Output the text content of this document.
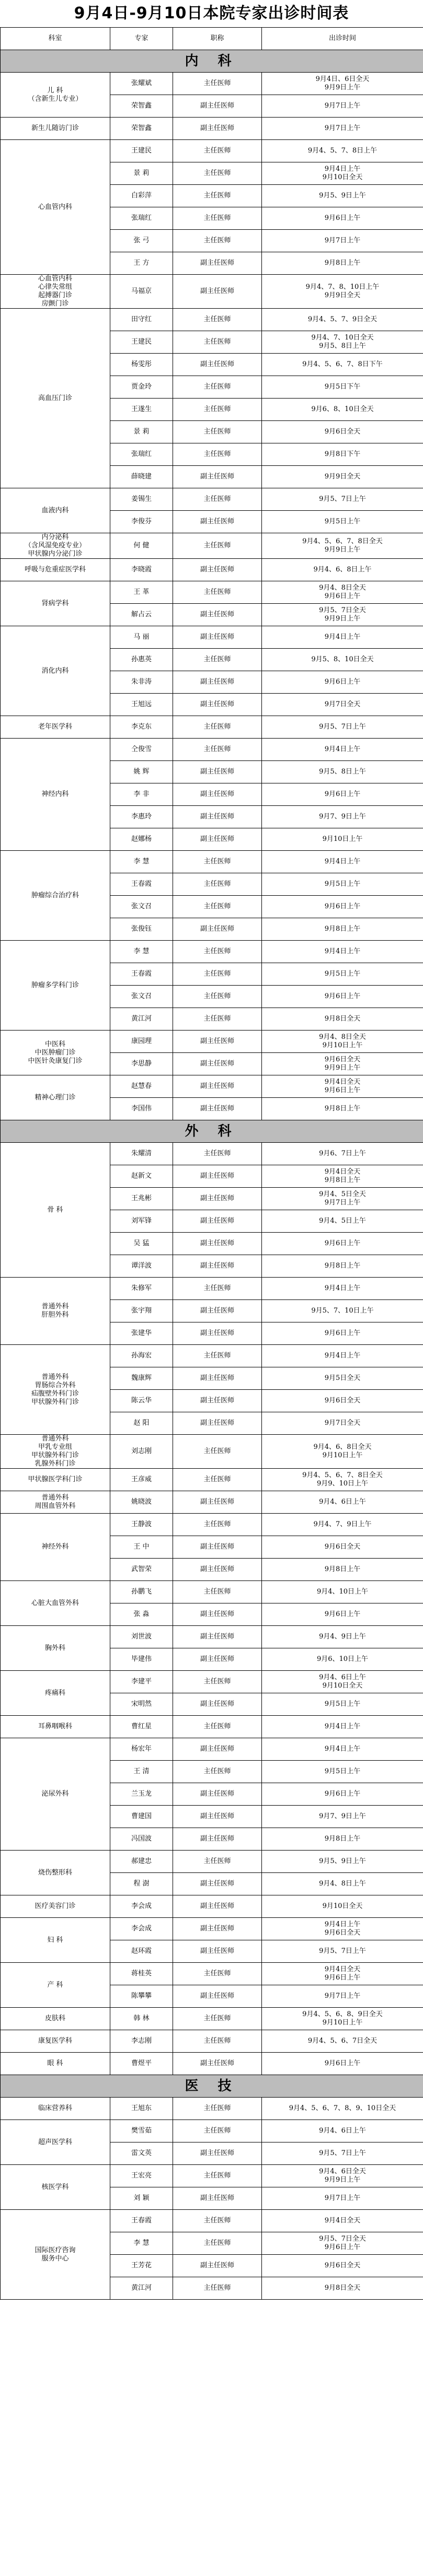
9月4日-9月10日本院专家出诊时间表
科室	专家	职称	出诊时间
内 科			
儿 科
（含新生儿专业）	张耀斌	主任医师	9月4日、6日全天
9月9日上午
	荣智鑫	副主任医师	9月7日上午
新生儿随访门诊	荣智鑫	副主任医师	9月7日上午
心血管内科	王建民	主任医师	9月4、5、7、8日上午
	景 莉	主任医师	9月4日上午
9月10日全天
	白彩萍	主任医师	9月5、9日上午
	张瑞红	主任医师	9月6日上午
	张 弓	主任医师	9月7日上午
	王 方	副主任医师	9月8日上午
心血管内科
心律失常组
起搏器门诊
房颤门诊	马福京	副主任医师	9月4、7、8、10日上午
9月9日全天
高血压门诊	田守红	主任医师	9月4、5、7、9日全天
	王建民	主任医师	9月4、7、10日全天
9月5、8日上午
	杨雯彤	副主任医师	9月4、5、6、7、8日下午
	贾金玲	主任医师	9月5日下午
	王遂生	主任医师	9月6、8、10日全天
	景 莉	主任医师	9月6日全天
	张瑞红	主任医师	9月8日下午
	薛晓建	副主任医师	9月9日全天
血液内科	姜锡生	主任医师	9月5、7日上午
	李俊芬	副主任医师	9月5日上午
内分泌科
（含风湿免疫专业）
甲状腺内分泌门诊	何 健	主任医师	9月4、5、6、7、8日全天
9月9日上午
呼吸与危重症医学科	李晓霞	副主任医师	9月4、6、8日上午
肾病学科	王 革	主任医师	9月4、8日全天
9月6日上午
	解占云	副主任医师	9月5、7日全天
9月9日上午
消化内科	马 丽	副主任医师	9月4日上午
	孙惠英	主任医师	9月5、8、10日全天
	朱非涛	副主任医师	9月6日上午
	王旭远	副主任医师	9月7日全天
老年医学科	李克东	主任医师	9月5、7日上午
神经内科	仝俊雪	主任医师	9月4日上午
	姚 辉	副主任医师	9月5、8日上午
	李 非	副主任医师	9月6日上午
	李惠玲	副主任医师	9月7、9日上午
	赵娜杨	副主任医师	9月10日上午
肿瘤综合治疗科	李 慧	主任医师	9月4日上午
	王春霞	主任医师	9月5日上午
	张文召	主任医师	9月6日上午
	张俊钰	副主任医师	9月8日上午
肿瘤多学科门诊	李 慧	主任医师	9月4日上午
	王春霞	主任医师	9月5日上午
	张文召	主任医师	9月6日上午
	黄江河	主任医师	9月8日全天
中医科
中医肿瘤门诊
中医针灸康复门诊	康园理	副主任医师	9月4、8日全天
9月10日上午
	李思静	副主任医师	9月6日全天
9月9日上午
精神心理门诊	赵慧春	副主任医师	9月4日全天
9月6日上午
	李国伟	副主任医师	9月8日上午
外 科			
骨 科	朱耀清	主任医师	9月6、7日上午
	赵新文	副主任医师	9月4日全天
9月8日上午
	王兆彬	副主任医师	9月4、5日全天
9月7日上午
	刘军锋	副主任医师	9月4、5日上午
	吴 猛	副主任医师	9月6日上午
	谭洋波	副主任医师	9月8日上午
普通外科
肝胆外科	朱修军	主任医师	9月4日上午
	张宇翔	副主任医师	9月5、7、10日上午
	张建华	副主任医师	9月6日上午
普通外科
胃肠综合外科
疝腹壁外科门诊
甲状腺外科门诊	孙海宏	主任医师	9月4日上午
	魏康辉	副主任医师	9月5日全天
	陈云华	副主任医师	9月6日全天
	赵 阳	副主任医师	9月7日全天
普通外科
甲乳专业组
甲状腺外科门诊
乳腺外科门诊	刘志刚	主任医师	9月4、6、8日全天
9月10日上午
甲状腺医学科门诊	王彦威	主任医师	9月4、5、6、7、8日全天
9月9、10日上午
普通外科
周围血管外科	姚晓波	副主任医师	9月4、6日上午
神经外科	王静波	主任医师	9月4、7、9日上午
	王 中	副主任医师	9月6日全天
	武智荣	副主任医师	9月8日上午
心脏大血管外科	孙鹏飞	主任医师	9月4、10日上午
	张 淼	副主任医师	9月6日上午
胸外科	刘世波	副主任医师	9月4、9日上午
	毕建伟	副主任医师	9月6、10日上午
疼痛科	李建平	主任医师	9月4、6日上午
9月10日全天
	宋明然	副主任医师	9月5日上午
耳鼻咽喉科	曹红星	主任医师	9月4日上午
泌尿外科	杨宏年	副主任医师	9月4日上午
	王 清	主任医师	9月5日上午
	兰玉龙	副主任医师	9月6日上午
	曹建国	副主任医师	9月7、9日上午
	冯国波	副主任医师	9月8日上午
烧伤整形科	郝建忠	主任医师	9月5、9日上午
	程 澍	副主任医师	9月4、8日上午
医疗美容门诊	李会成	副主任医师	9月10日全天
妇 科	李会成	副主任医师	9月4日上午
9月6日全天
	赵环霞	副主任医师	9月5、7日上午
产 科	蒋桂英	主任医师	9月4日全天
9月6日上午
	陈攀攀	副主任医师	9月7日上午
皮肤科	韩 林	主任医师	9月4、5、6、8、9日全天
9月10日上午
康复医学科	李志刚	主任医师	9月4、5、6、7日全天
眼 科	曹煜平	副主任医师	9月6日上午
医 技			
临床营养科	王旭东	主任医师	9月4、5、6、7、8、9、10日全天
超声医学科	樊雪茹	主任医师	9月4、6日上午
	雷文英	副主任医师	9月5、7日上午
核医学科	王宏亮	主任医师	9月4、6日全天
9月9日上午
	刘 颖	副主任医师	9月7日上午
国际医疗咨询
服务中心	王春霞	主任医师	9月4日全天
	李 慧	主任医师	9月5、7日全天
9月6日上午
	王芳花	副主任医师	9月6日全天
	黄江河	主任医师	9月8日全天
